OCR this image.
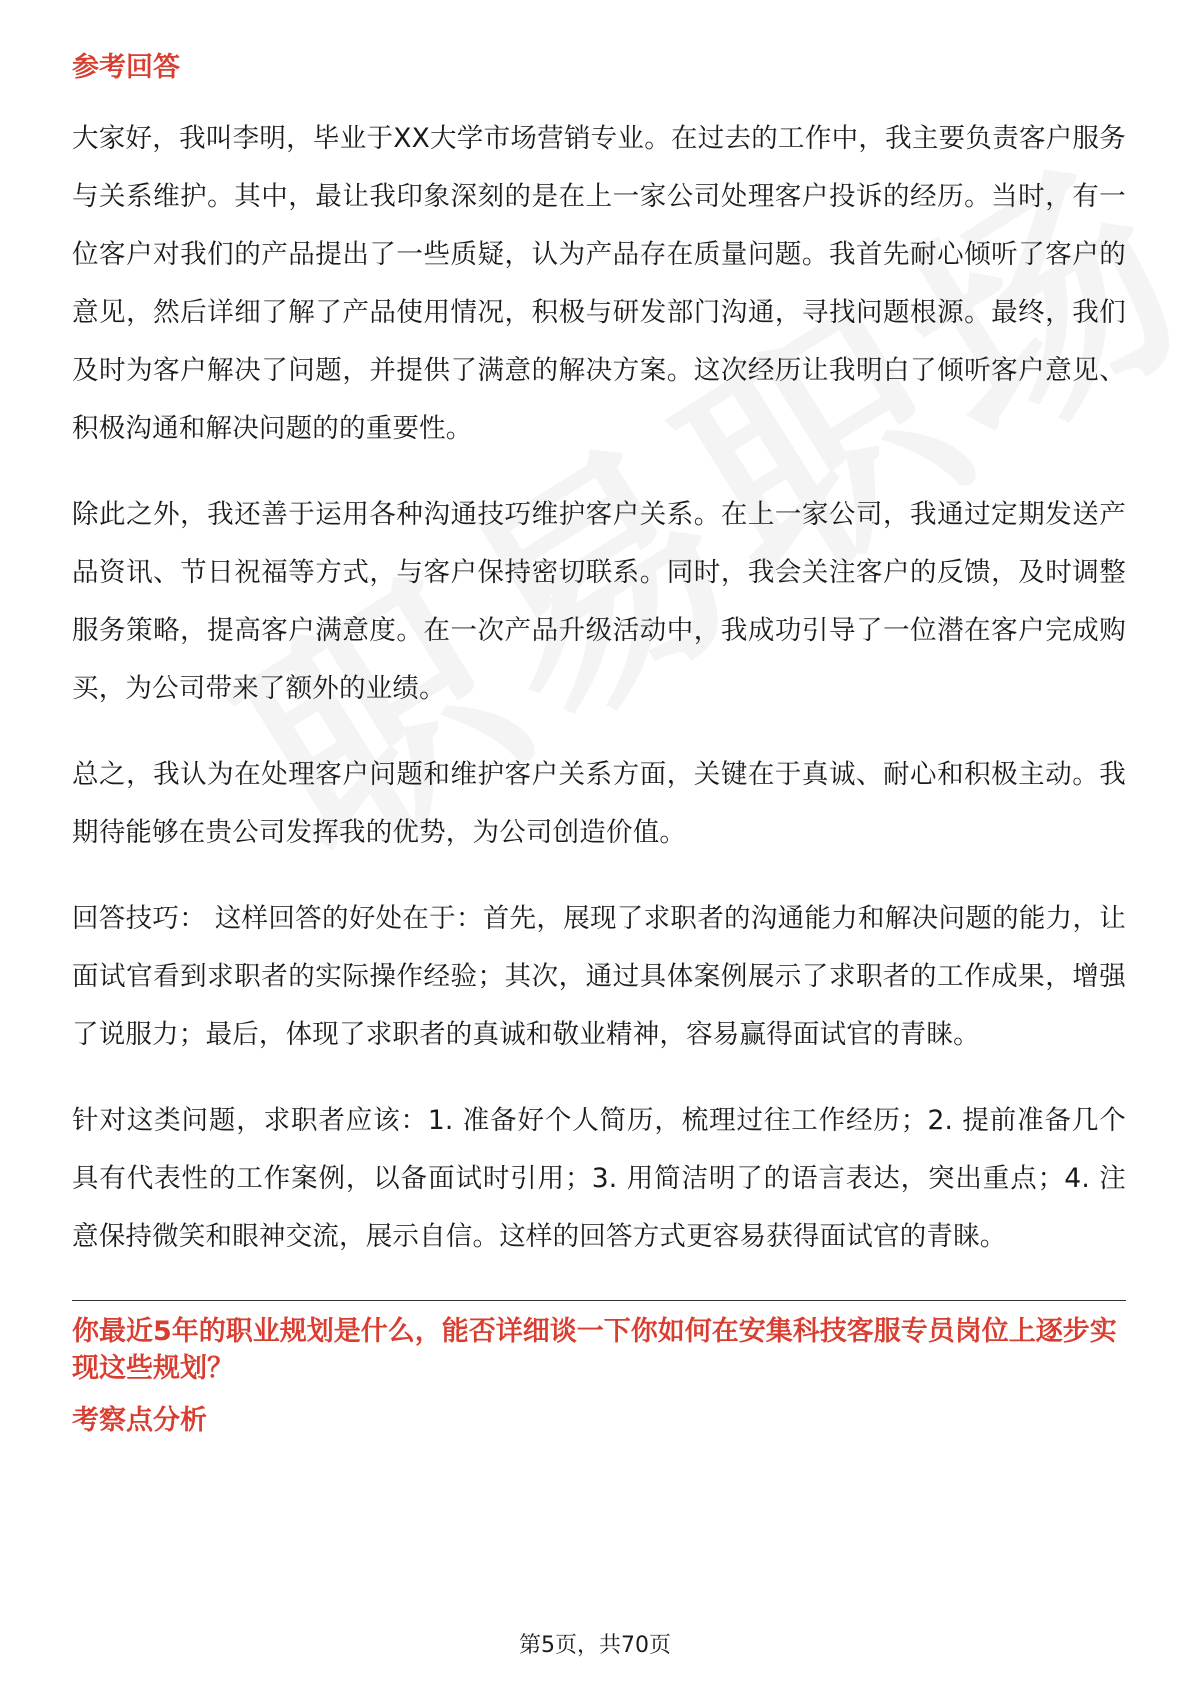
参考回答

大家好，我叫李明，毕业于XX大学市场营销专业。在过去的工作中，我主要负责客户服务与关系维护。其中，最让我印象深刻的是在上一家公司处理客户投诉的经历。当时，有一位客户对我们的产品提出了一些质疑，认为产品存在质量问题。我首先耐心倾听了客户的意见，然后详细了解了产品使用情况，积极与研发部门沟通，寻找问题根源。最终，我们及时为客户解决了问题，并提供了满意的解决方案。这次经历让我明白了倾听客户意见、积极沟通和解决问题的的重要性。

除此之外，我还善于运用各种沟通技巧维护客户关系。在上一家公司，我通过定期发送产品资讯、节日祝福等方式，与客户保持密切联系。同时，我会关注客户的反馈，及时调整服务策略，提高客户满意度。在一次产品升级活动中，我成功引导了一位潜在客户完成购买，为公司带来了额外的业绩。

总之，我认为在处理客户问题和维护客户关系方面，关键在于真诚、耐心和积极主动。我期待能够在贵公司发挥我的优势，为公司创造价值。

回答技巧： 这样回答的好处在于：首先，展现了求职者的沟通能力和解决问题的能力，让面试官看到求职者的实际操作经验；其次，通过具体案例展示了求职者的工作成果，增强了说服力；最后，体现了求职者的真诚和敬业精神，容易赢得面试官的青睐。

针对这类问题，求职者应该：1. 准备好个人简历，梳理过往工作经历；2. 提前准备几个具有代表性的工作案例，以备面试时引用；3. 用简洁明了的语言表达，突出重点；4. 注意保持微笑和眼神交流，展示自信。这样的回答方式更容易获得面试官的青睐。

你最近5年的职业规划是什么，能否详细谈一下你如何在安集科技客服专员岗位上逐步实现这些规划？
考察点分析
第5页，共70页
